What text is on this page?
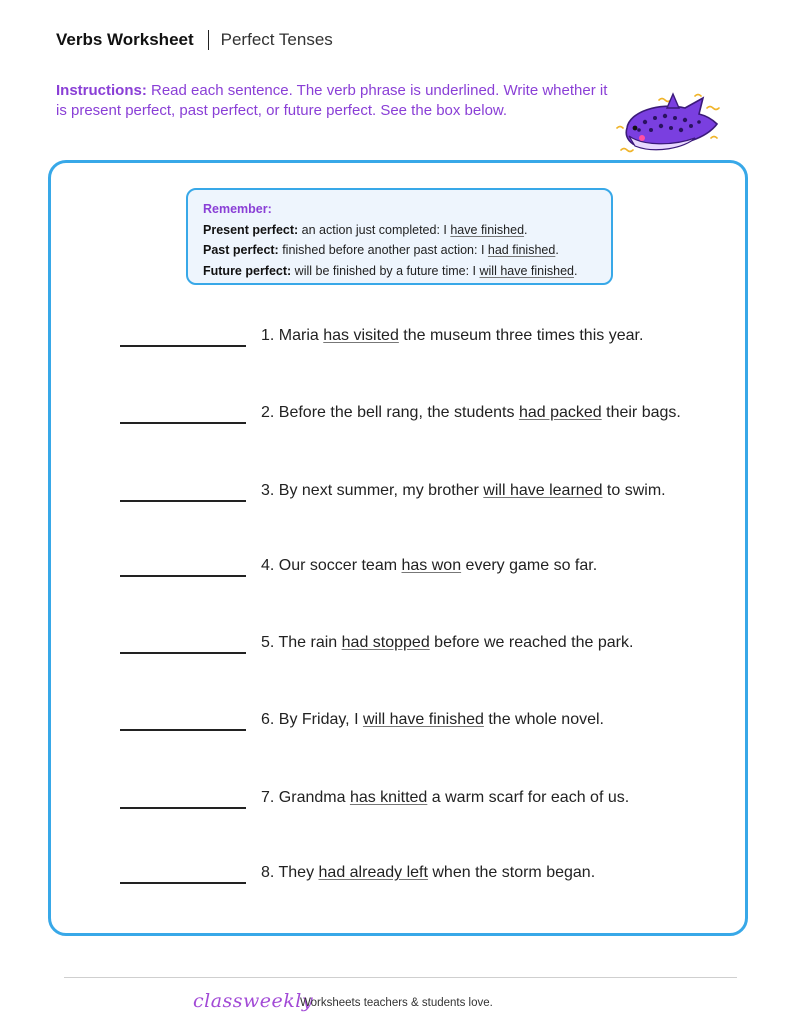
Verbs Worksheet Perfect Tenses
Instructions: Read each sentence. The verb phrase is underlined. Write whether it is present perfect, past perfect, or future perfect. See the box below.
Remember:
Present perfect: an action just completed: I have finished.
Past perfect: finished before another past action: I had finished.
Future perfect: will be finished by a future time: I will have finished.
1. Maria has visited the museum three times this year.
2. Before the bell rang, the students had packed their bags.
3. By next summer, my brother will have learned to swim.
4. Our soccer team has won every game so far.
5. The rain had stopped before we reached the park.
6. By Friday, I will have finished the whole novel.
7. Grandma has knitted a warm scarf for each of us.
8. They had already left when the storm began.
classweekly
Worksheets teachers & students love.
